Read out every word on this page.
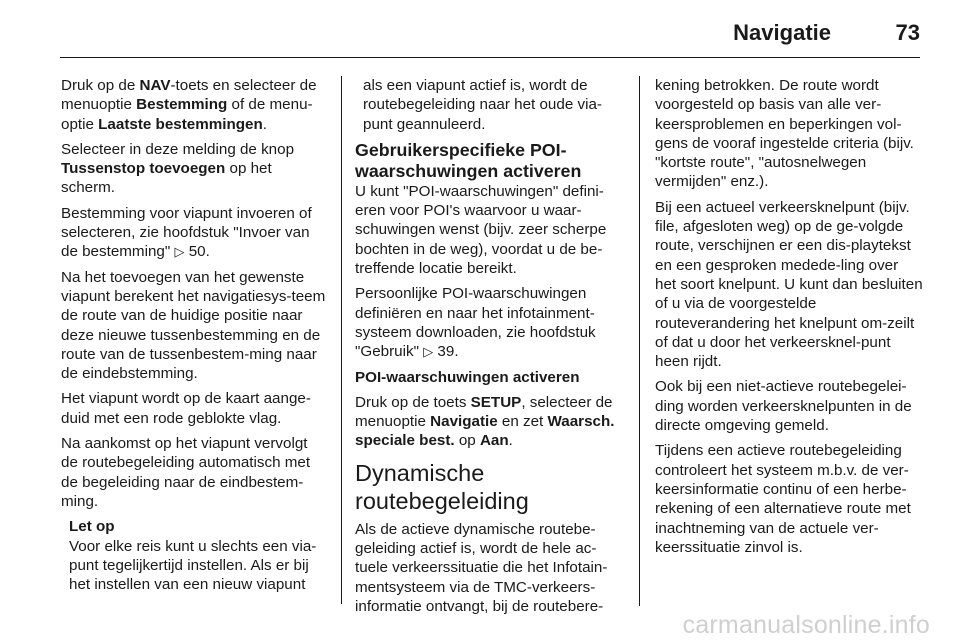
Navigatie	73

Druk op de NAV-toets en selecteer de menuoptie Bestemming of de menu-optie Laatste bestemmingen.

Selecteer in deze melding de knop Tussenstop toevoegen op het scherm.

Bestemming voor viapunt invoeren of selecteren, zie hoofdstuk "Invoer van de bestemming" ▷ 50.

Na het toevoegen van het gewenste viapunt berekent het navigatiesys-teem de route van de huidige positie naar deze nieuwe tussenbestemming en de route van de tussenbestem-ming naar de eindebstemming.

Het viapunt wordt op de kaart aange-duid met een rode geblokte vlag.

Na aankomst op het viapunt vervolgt de routebegeleiding automatisch met de begeleiding naar de eindbestem-ming.

Let op
Voor elke reis kunt u slechts een via-punt tegelijkertijd instellen. Als er bij het instellen van een nieuw viapunt

als een viapunt actief is, wordt de routebegeleiding naar het oude via-punt geannuleerd.

Gebruikerspecifieke POI-waarschuwingen activeren

U kunt "POI-waarschuwingen" defini-eren voor POI's waarvoor u waar-schuwingen wenst (bijv. zeer scherpe bochten in de weg), voordat u de be-treffende locatie bereikt.

Persoonlijke POI-waarschuwingen definiëren en naar het infotainment-systeem downloaden, zie hoofdstuk "Gebruik" ▷ 39.

POI-waarschuwingen activeren

Druk op de toets SETUP, selecteer de menuoptie Navigatie en zet Waarsch. speciale best. op Aan.

Dynamische routebegeleiding

Als de actieve dynamische routebe-geleiding actief is, wordt de hele ac-tuele verkeerssituatie die het Infotain-mentsysteem via de TMC-verkeers-informatie ontvangt, bij de routebere-

kening betrokken. De route wordt voorgesteld op basis van alle ver-keersproblemen en beperkingen vol-gens de vooraf ingestelde criteria (bijv. "kortste route", "autosnelwegen vermijden" enz.).

Bij een actueel verkeersknelpunt (bijv. file, afgesloten weg) op de ge-volgde route, verschijnen er een dis-playtekst en een gesproken medede-ling over het soort knelpunt. U kunt dan besluiten of u via de voorgestelde routeverandering het knelpunt om-zeilt of dat u door het verkeersknel-punt heen rijdt.

Ook bij een niet-actieve routebegelei-ding worden verkeersknelpunten in de directe omgeving gemeld.

Tijdens een actieve routebegeleiding controleert het systeem m.b.v. de ver-keersinformatie continu of een herbe-rekening of een alternatieve route met inachtneming van de actuele ver-keerssituatie zinvol is.

carmanualsonline.info
